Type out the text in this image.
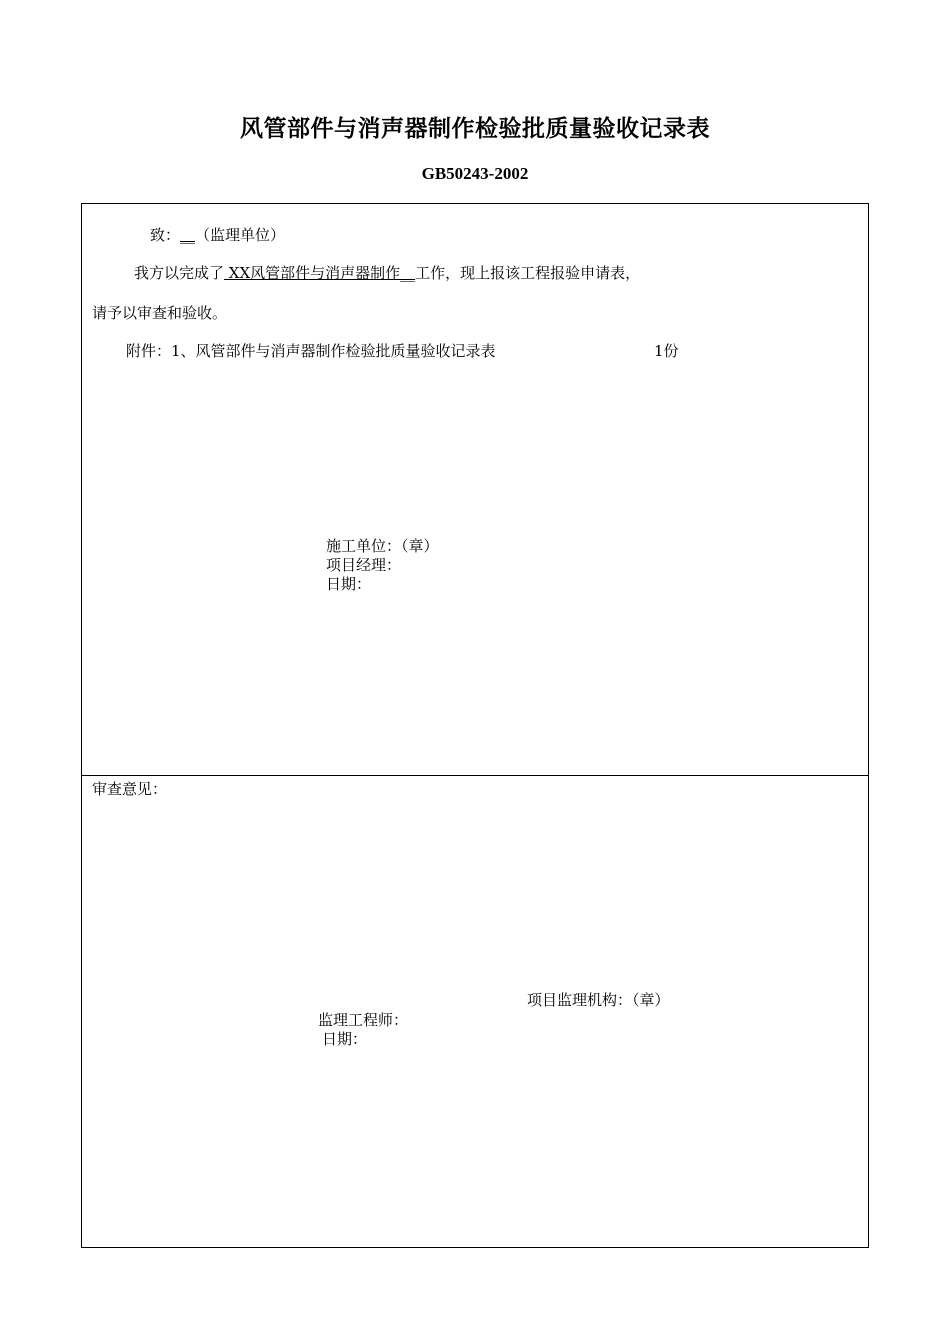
风管部件与消声器制作检验批质量验收记录表
GB50243-2002
致：__（监理单位）
我方以完成了 XX风管部件与消声器制作__工作，现上报该工程报验申请表，
请予以审查和验收。
附件：1、风管部件与消声器制作检验批质量验收记录表	1份
施工单位：（章）
项目经理：
日期：
审查意见：
项目监理机构：（章）
监理工程师：
日期：
